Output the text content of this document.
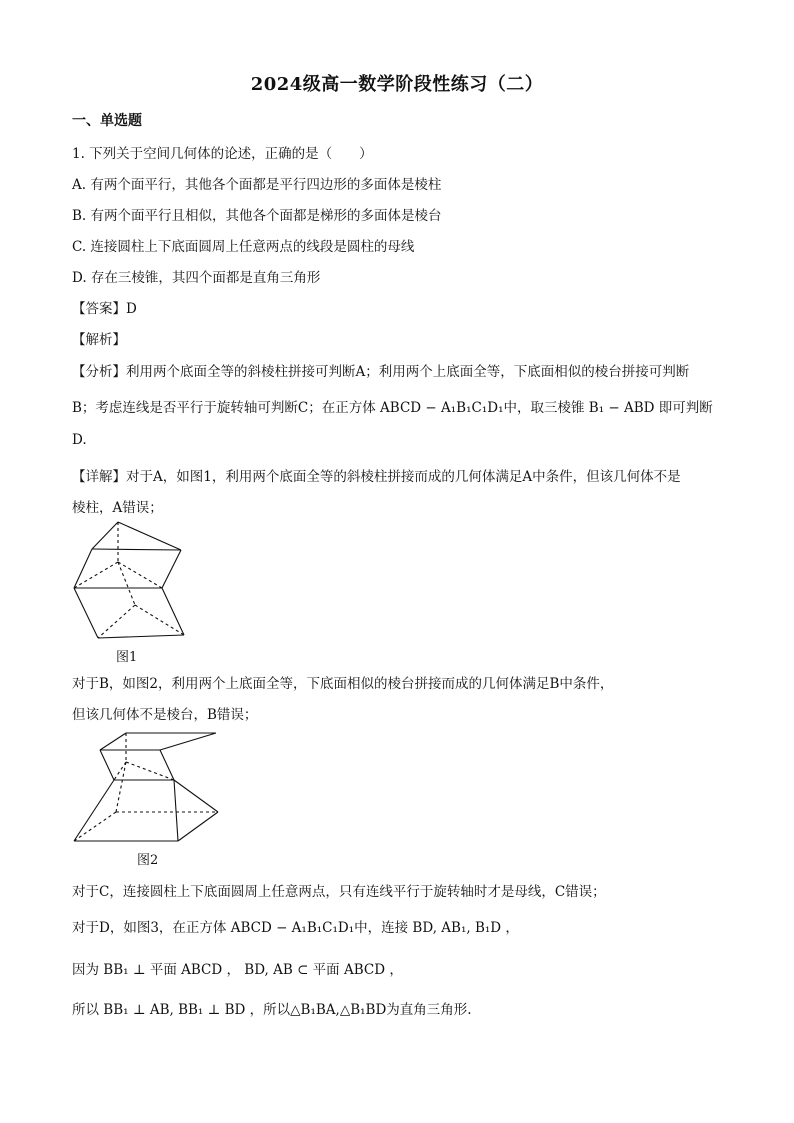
2024级高一数学阶段性练习（二）
一、单选题
1. 下列关于空间几何体的论述，正确的是（　　）
A. 有两个面平行，其他各个面都是平行四边形的多面体是棱柱
B. 有两个面平行且相似，其他各个面都是梯形的多面体是棱台
C. 连接圆柱上下底面圆周上任意两点的线段是圆柱的母线
D. 存在三棱锥，其四个面都是直角三角形
【答案】D
【解析】
【分析】利用两个底面全等的斜棱柱拼接可判断A；利用两个上底面全等，下底面相似的棱台拼接可判断
B；考虑连线是否平行于旋转轴可判断C；在正方体 ABCD − A₁B₁C₁D₁中，取三棱锥 B₁ − ABD 即可判断
D.
【详解】对于A，如图1，利用两个底面全等的斜棱柱拼接而成的几何体满足A中条件，但该几何体不是
棱柱，A错误；
图1
对于B，如图2，利用两个上底面全等，下底面相似的棱台拼接而成的几何体满足B中条件，
但该几何体不是棱台，B错误；
图2
对于C，连接圆柱上下底面圆周上任意两点，只有连线平行于旋转轴时才是母线，C错误；
对于D，如图3，在正方体 ABCD − A₁B₁C₁D₁中，连接 BD, AB₁, B₁D ，
因为 BB₁ ⊥ 平面 ABCD ， BD, AB ⊂ 平面 ABCD ，
所以 BB₁ ⊥ AB, BB₁ ⊥ BD ，所以△B₁BA,△B₁BD为直角三角形.
